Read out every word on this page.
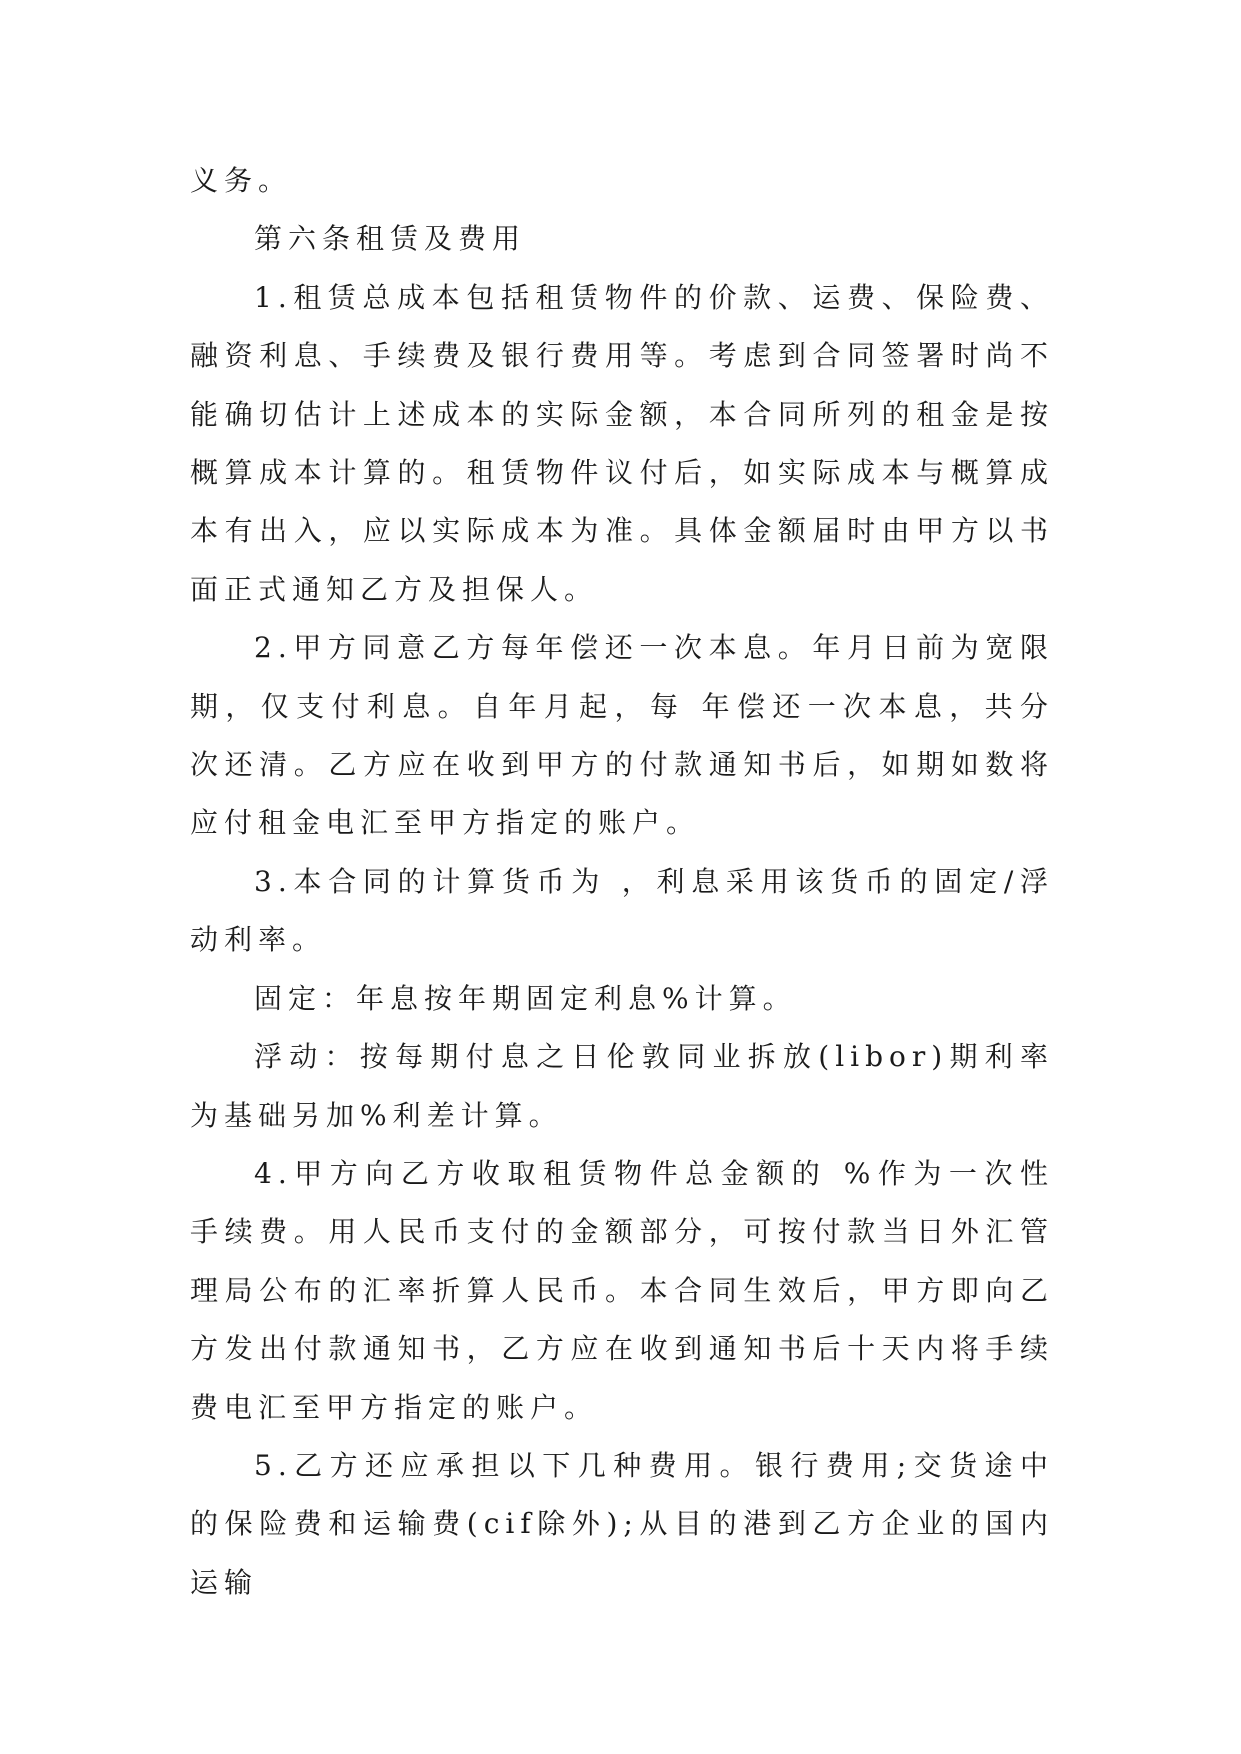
义务。

第六条租赁及费用

1.租赁总成本包括租赁物件的价款、运费、保险费、融资利息、手续费及银行费用等。考虑到合同签署时尚不能确切估计上述成本的实际金额，本合同所列的租金是按概算成本计算的。租赁物件议付后，如实际成本与概算成本有出入，应以实际成本为准。具体金额届时由甲方以书面正式通知乙方及担保人。

2.甲方同意乙方每年偿还一次本息。年月日前为宽限期，仅支付利息。自年月起，每 年偿还一次本息，共分 次还清。乙方应在收到甲方的付款通知书后，如期如数将应付租金电汇至甲方指定的账户。

3.本合同的计算货币为 ，利息采用该货币的固定/浮动利率。

固定：年息按年期固定利息%计算。

浮动：按每期付息之日伦敦同业拆放(libor)期利率为基础另加%利差计算。

4.甲方向乙方收取租赁物件总金额的 %作为一次性手续费。用人民币支付的金额部分，可按付款当日外汇管理局公布的汇率折算人民币。本合同生效后，甲方即向乙方发出付款通知书，乙方应在收到通知书后十天内将手续费电汇至甲方指定的账户。

5.乙方还应承担以下几种费用。银行费用;交货途中的保险费和运输费(cif除外);从目的港到乙方企业的国内运输
